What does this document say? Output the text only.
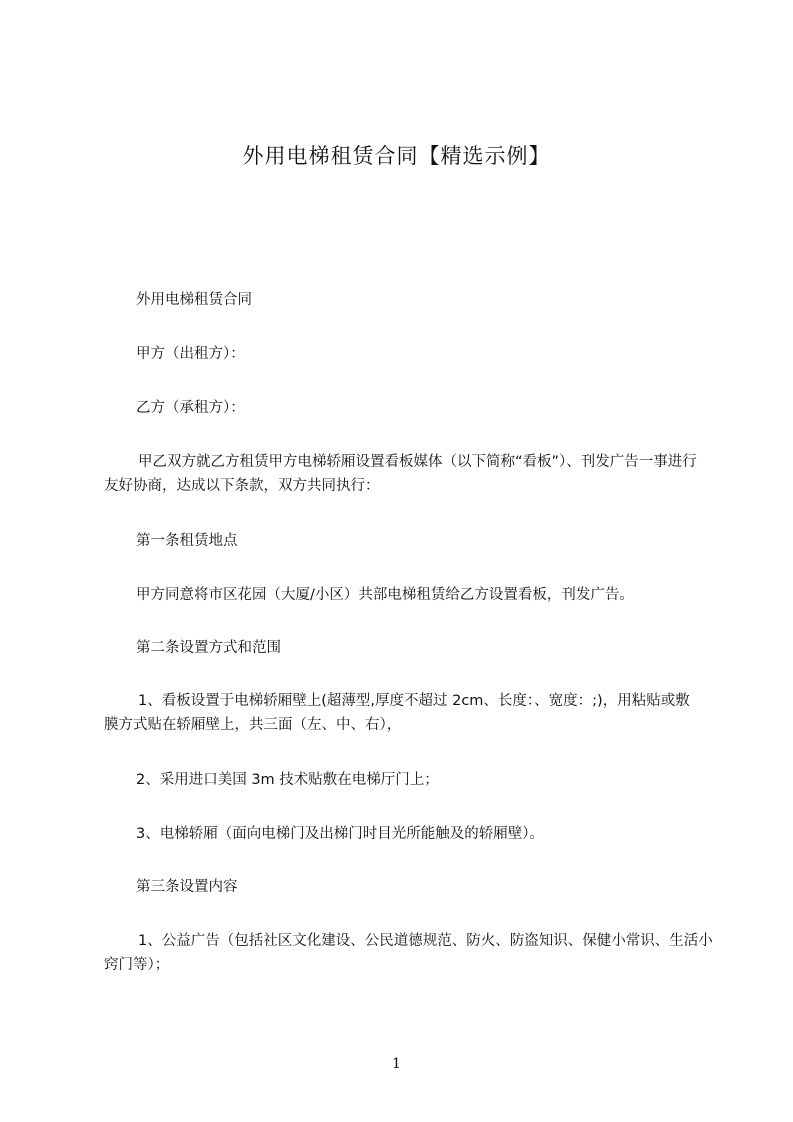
外用电梯租赁合同【精选示例】

外用电梯租赁合同

甲方（出租方）：

乙方（承租方）：

甲乙双方就乙方租赁甲方电梯轿厢设置看板媒体（以下简称“看板”）、刊发广告一事进行友好协商，达成以下条款，双方共同执行：

第一条租赁地点

甲方同意将市区花园（大厦/小区）共部电梯租赁给乙方设置看板，刊发广告。

第二条设置方式和范围

1、看板设置于电梯轿厢壁上(超薄型,厚度不超过 2cm、长度：、宽度：;)，用粘贴或敷膜方式贴在轿厢壁上，共三面（左、中、右），

2、采用进口美国 3m 技术贴敷在电梯厅门上；

3、电梯轿厢（面向电梯门及出梯门时目光所能触及的轿厢壁）。

第三条设置内容

1、公益广告（包括社区文化建设、公民道德规范、防火、防盗知识、保健小常识、生活小窍门等）；

1
